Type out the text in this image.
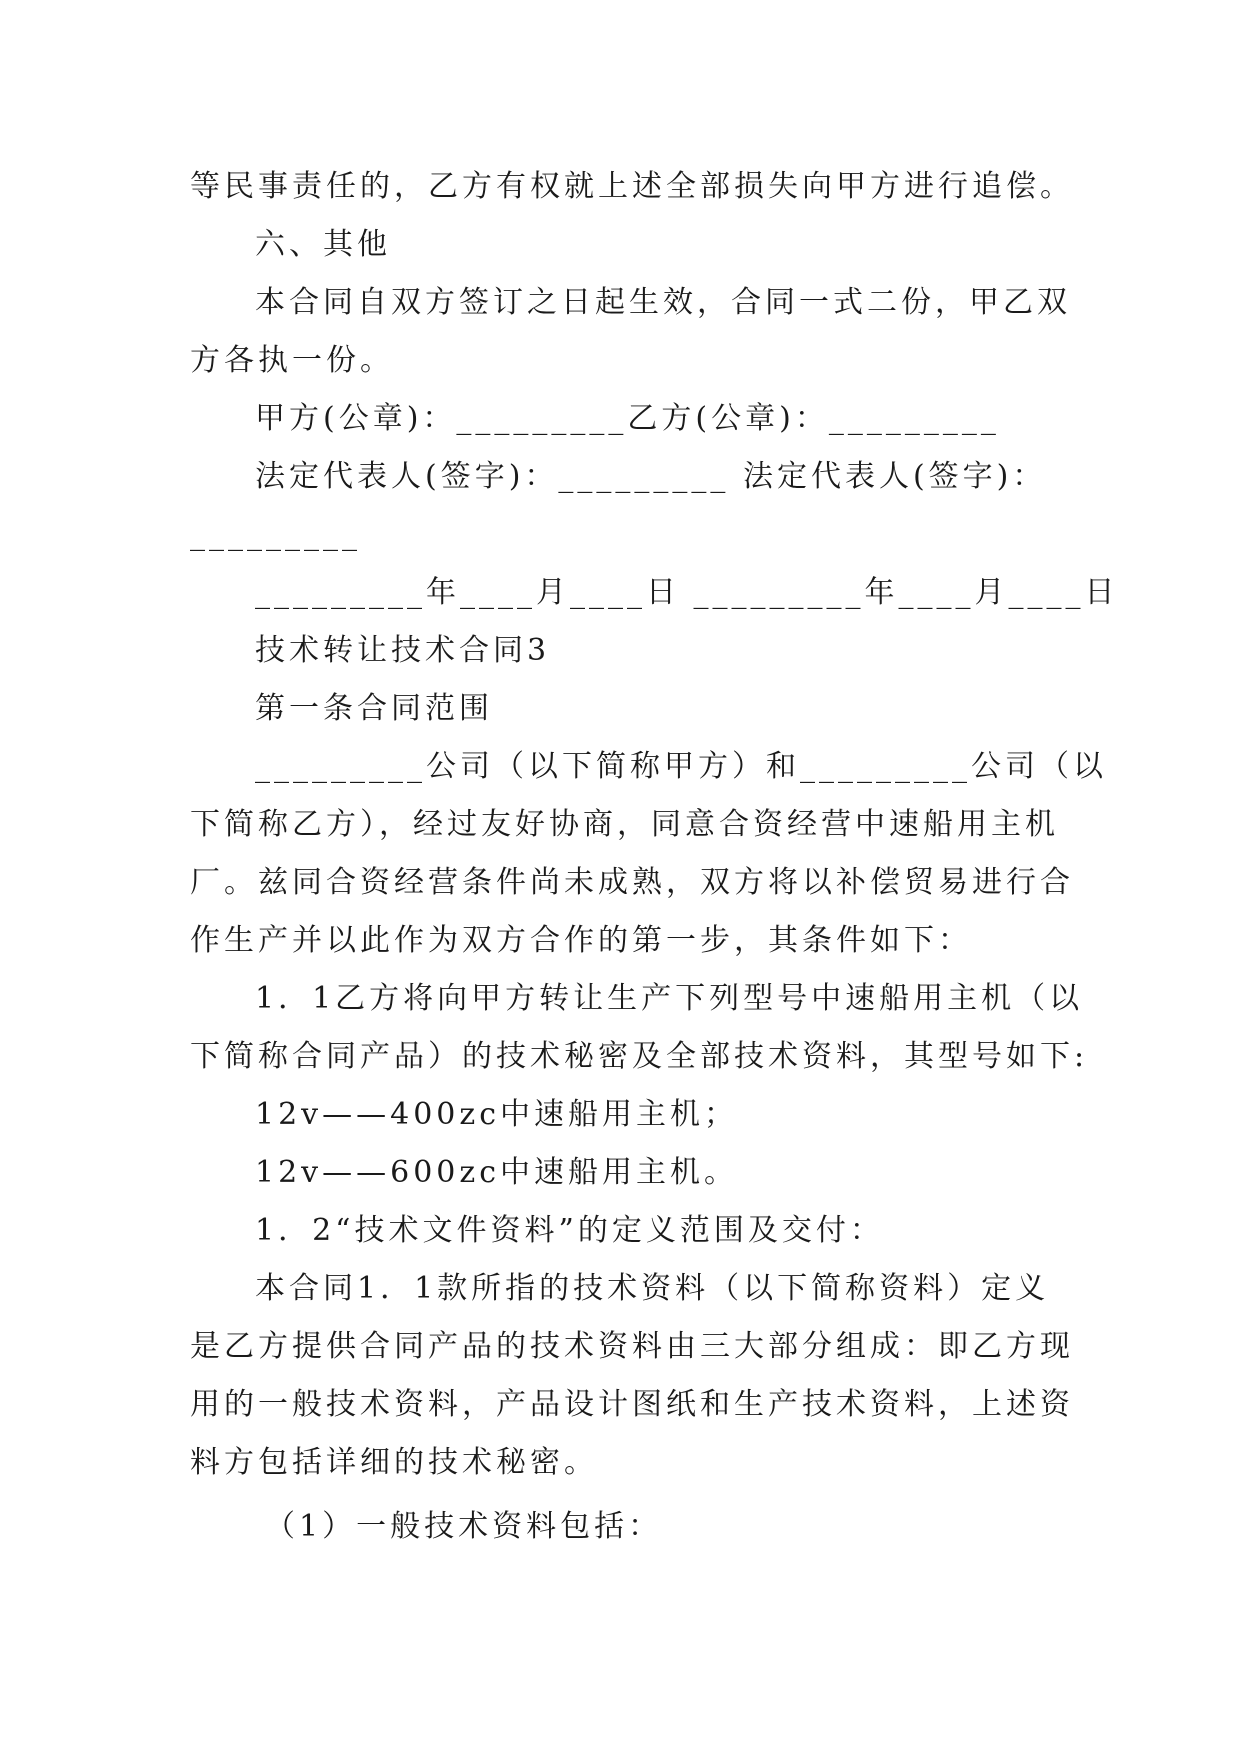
等民事责任的，乙方有权就上述全部损失向甲方进行追偿。
六、其他
本合同自双方签订之日起生效，合同一式二份，甲乙双
方各执一份。
甲方(公章)：_________乙方(公章)：_________
法定代表人(签字)：_________ 法定代表人(签字)：
_________
_________年____月____日 _________年____月____日
技术转让技术合同3
第一条合同范围
_________公司（以下简称甲方）和_________公司（以
下简称乙方），经过友好协商，同意合资经营中速船用主机
厂。兹同合资经营条件尚未成熟，双方将以补偿贸易进行合
作生产并以此作为双方合作的第一步，其条件如下：
1．1乙方将向甲方转让生产下列型号中速船用主机（以
下简称合同产品）的技术秘密及全部技术资料，其型号如下:
12v——400zc中速船用主机；
12v——600zc中速船用主机。
1．2“技术文件资料”的定义范围及交付：
本合同1．1款所指的技术资料（以下简称资料）定义
是乙方提供合同产品的技术资料由三大部分组成：即乙方现
用的一般技术资料，产品设计图纸和生产技术资料，上述资
料方包括详细的技术秘密。
（1）一般技术资料包括：
